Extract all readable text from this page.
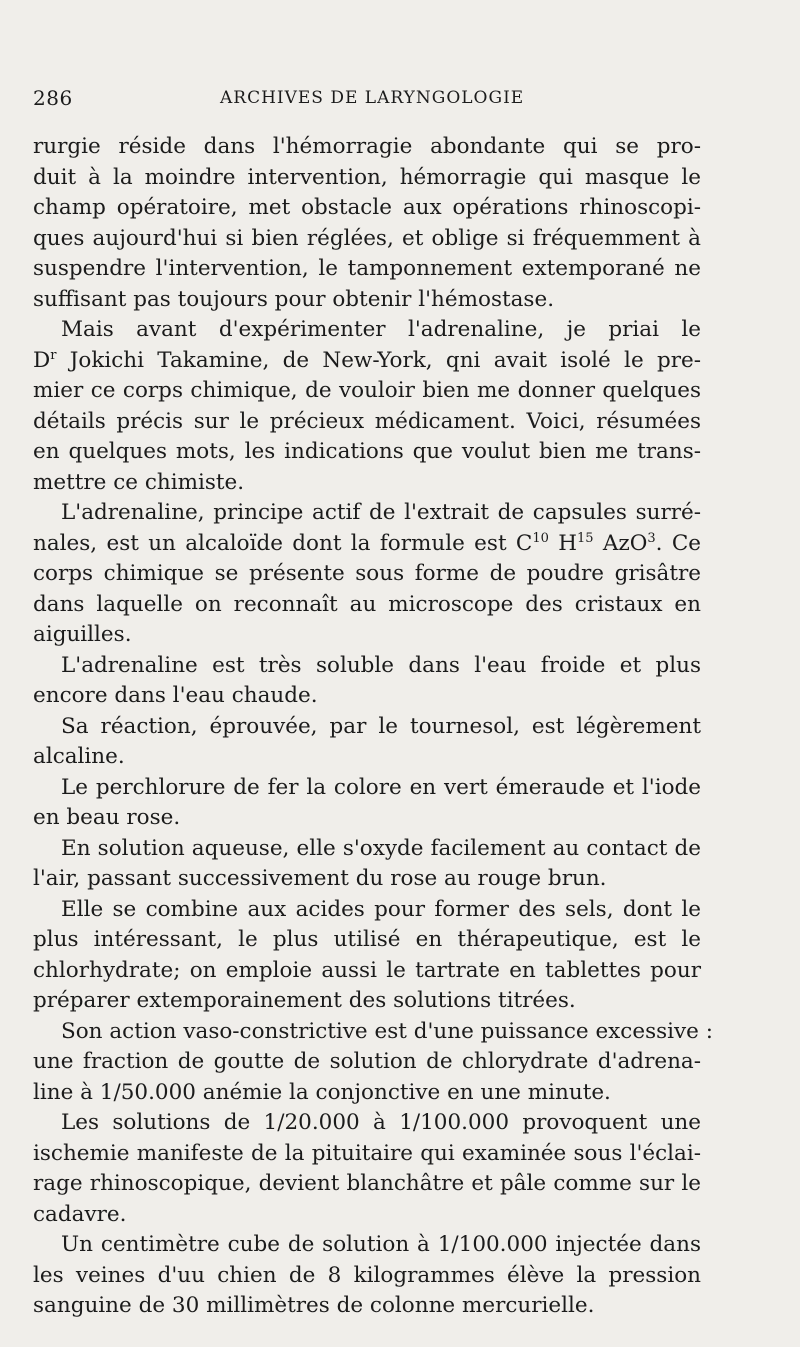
286	ARCHIVES DE LARYNGOLOGIE
rurgie réside dans l'hémorragie abondante qui se pro-
duit à la moindre intervention, hémorragie qui masque le
champ opératoire, met obstacle aux opérations rhinoscopi-
ques aujourd'hui si bien réglées, et oblige si fréquemment à
suspendre l'intervention, le tamponnement extemporané ne
suffisant pas toujours pour obtenir l'hémostase.
Mais avant d'expérimenter l'adrenaline, je priai le
$D^r$ Jokichi Takamine, de New-York, qni avait isolé le pre-
mier ce corps chimique, de vouloir bien me donner quelques
détails précis sur le précieux médicament. Voici, résumées
en quelques mots, les indications que voulut bien me trans-
mettre ce chimiste.
L'adrenaline, principe actif de l'extrait de capsules surré-
nales, est un alcaloïde dont la formule est $C^{10}$ $H^{15}$ AzO$^3$. Ce
corps chimique se présente sous forme de poudre grisâtre
dans laquelle on reconnaît au microscope des cristaux en
aiguilles.
L'adrenaline est très soluble dans l'eau froide et plus
encore dans l'eau chaude.
Sa réaction, éprouvée, par le tournesol, est légèrement
alcaline.
Le perchlorure de fer la colore en vert émeraude et l'iode
en beau rose.
En solution aqueuse, elle s'oxyde facilement au contact de
l'air, passant successivement du rose au rouge brun.
Elle se combine aux acides pour former des sels, dont le
plus intéressant, le plus utilisé en thérapeutique, est le
chlorhydrate; on emploie aussi le tartrate en tablettes pour
préparer extemporainement des solutions titrées.
Son action vaso-constrictive est d'une puissance excessive :
une fraction de goutte de solution de chlorydrate d'adrena-
line à 1/50.000 anémie la conjonctive en une minute.
Les solutions de 1/20.000 à 1/100.000 provoquent une
ischemie manifeste de la pituitaire qui examinée sous l'éclai-
rage rhinoscopique, devient blanchâtre et pâle comme sur le
cadavre.
Un centimètre cube de solution à 1/100.000 injectée dans
les veines d'uu chien de 8 kilogrammes élève la pression
sanguine de 30 millimètres de colonne mercurielle.
